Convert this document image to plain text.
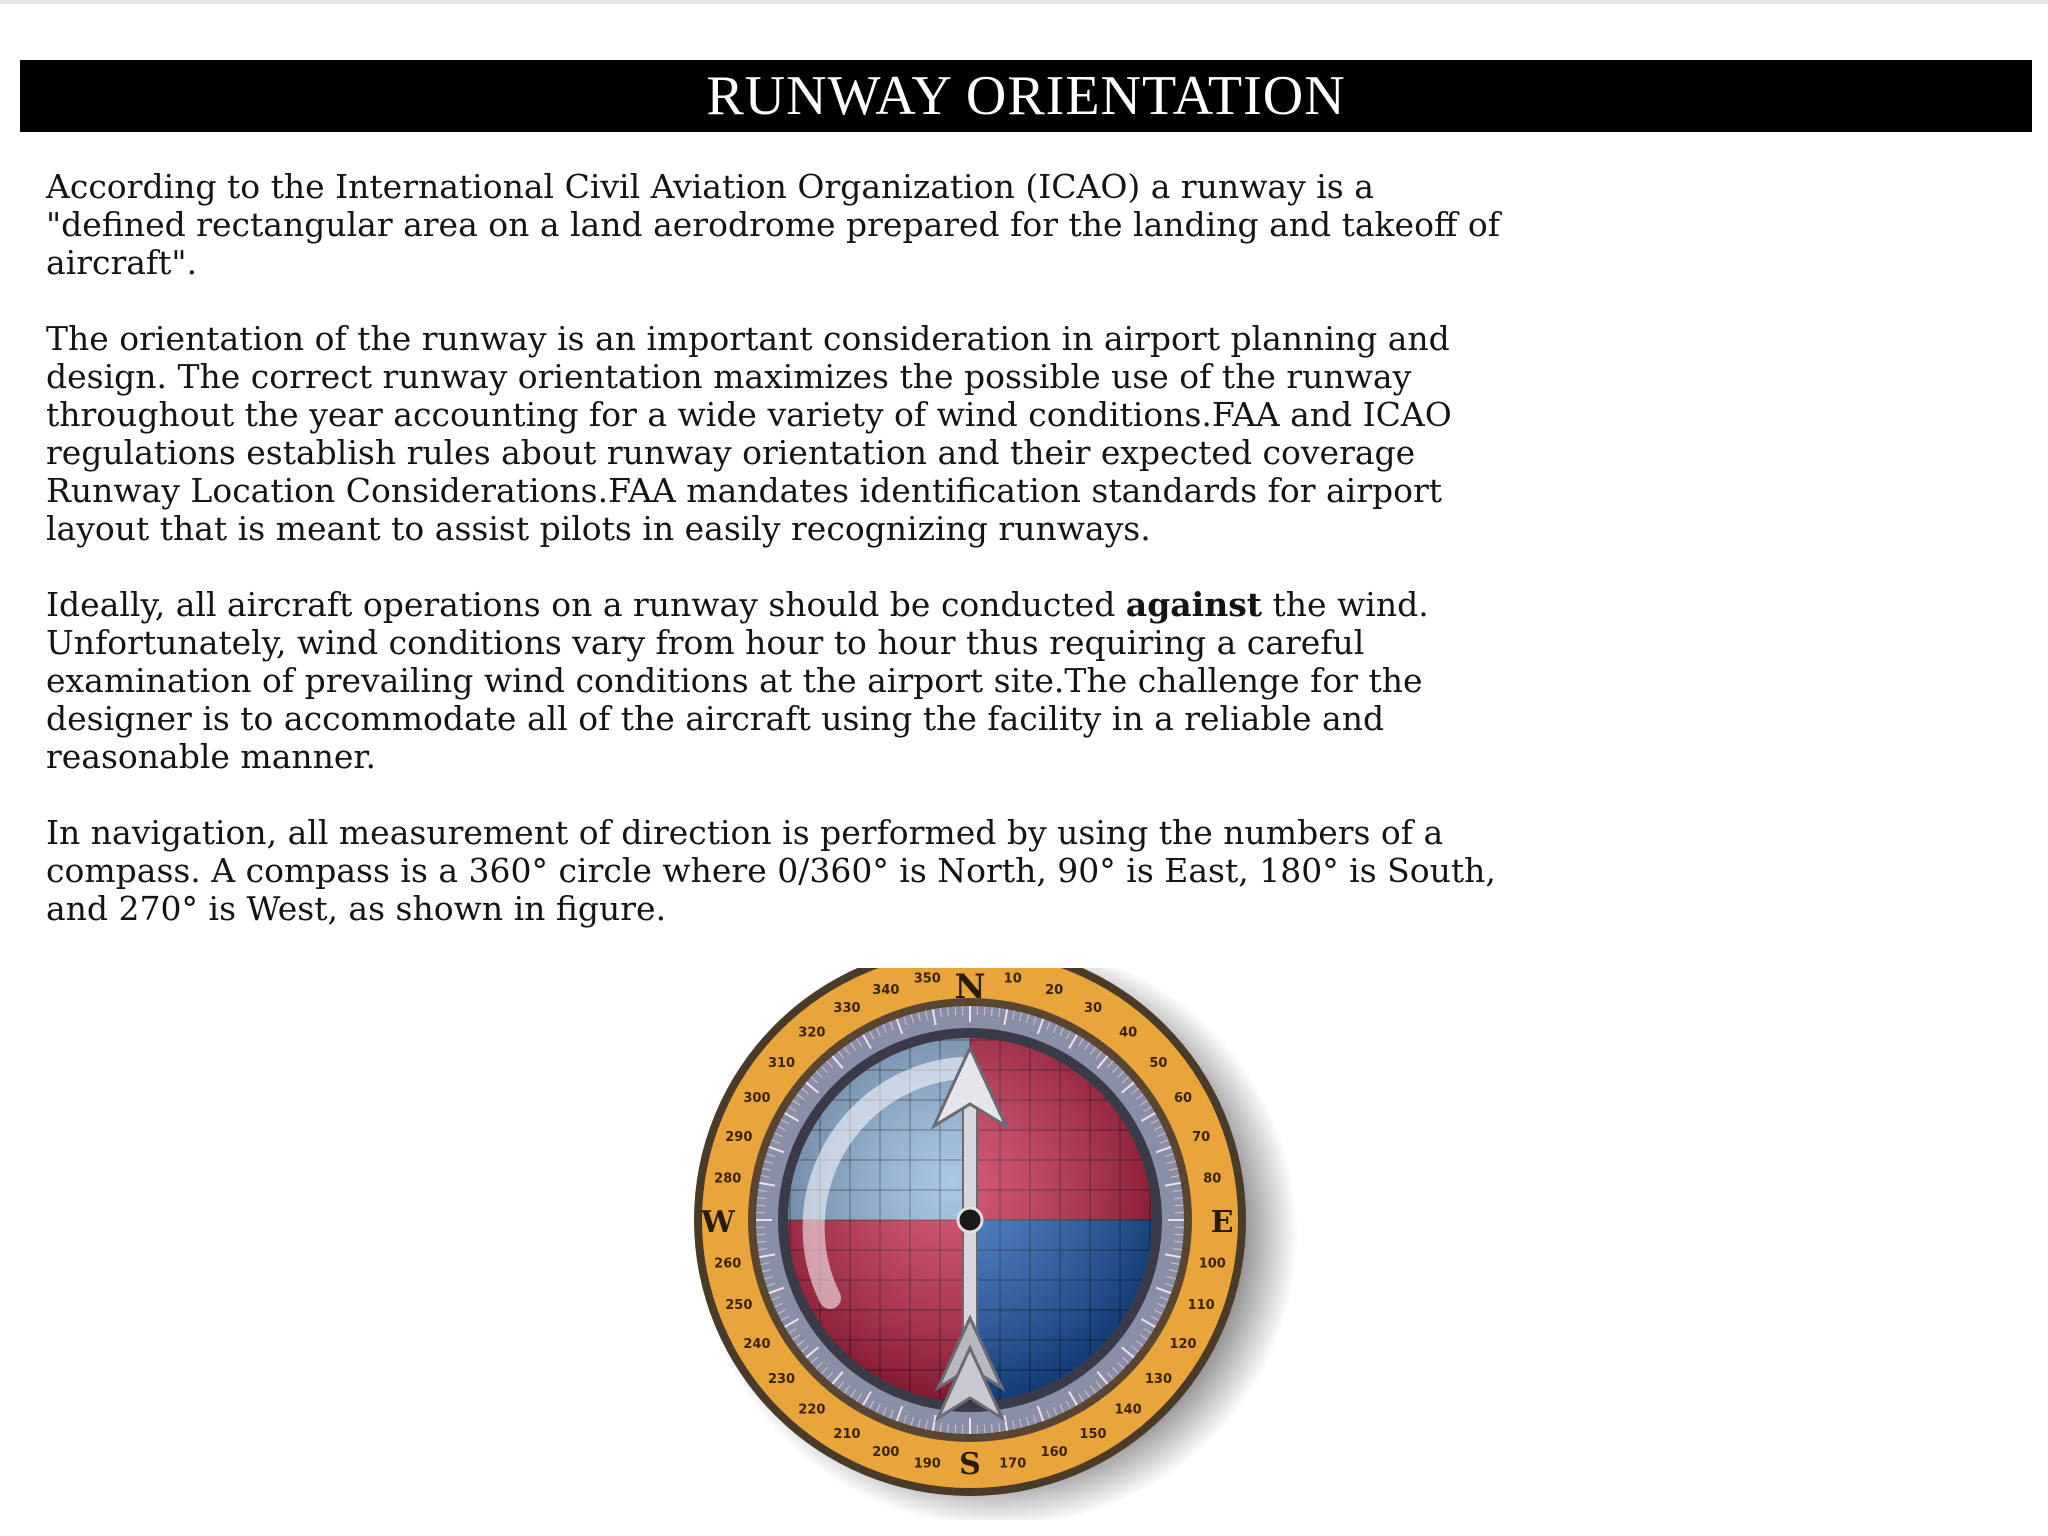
RUNWAY ORIENTATION

According to the International Civil Aviation Organization (ICAO) a runway is a
"defined rectangular area on a land aerodrome prepared for the landing and takeoff of
aircraft".

The orientation of the runway is an important consideration in airport planning and
design. The correct runway orientation maximizes the possible use of the runway
throughout the year accounting for a wide variety of wind conditions.FAA and ICAO
regulations establish rules about runway orientation and their expected coverage
Runway Location Considerations.FAA mandates identification standards for airport
layout that is meant to assist pilots in easily recognizing runways.

Ideally, all aircraft operations on a runway should be conducted against the wind.
Unfortunately, wind conditions vary from hour to hour thus requiring a careful
examination of prevailing wind conditions at the airport site.The challenge for the
designer is to accommodate all of the aircraft using the facility in a reliable and
reasonable manner.

In navigation, all measurement of direction is performed by using the numbers of a
compass. A compass is a 360° circle where 0/360° is North, 90° is East, 180° is South,
and 270° is West, as shown in figure.

10
20
30
40
50
60
70
80
100
110
120
130
140
150
160
170
190
200
210
220
230
240
250
260
280
290
300
310
320
330
340
350 N
E
S
W
